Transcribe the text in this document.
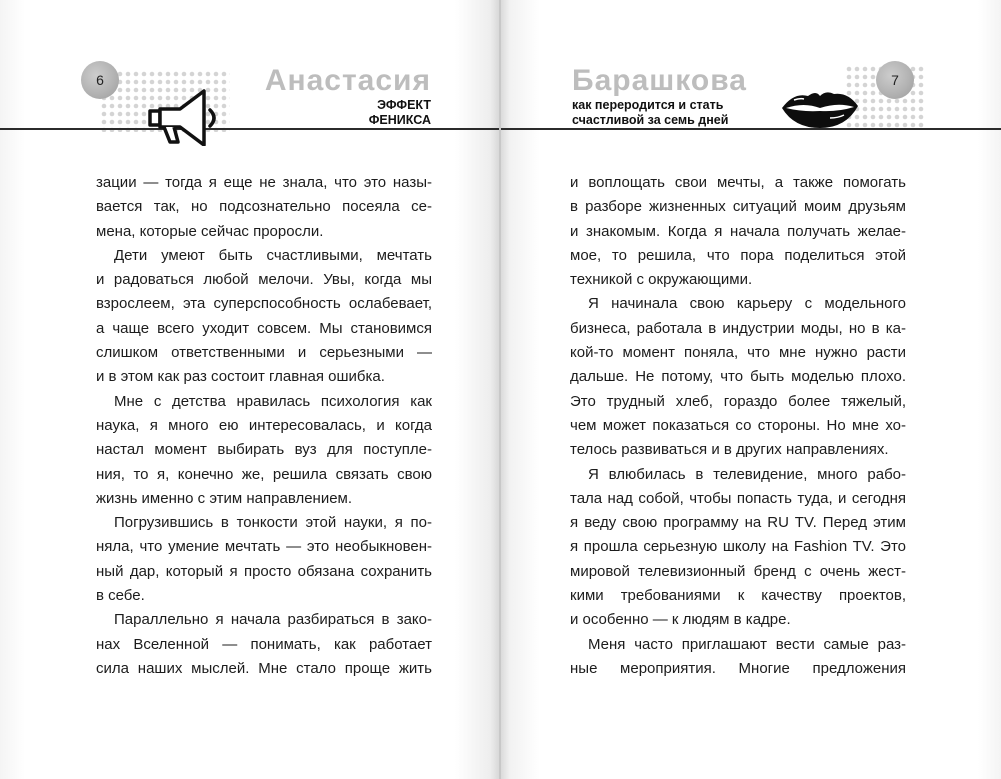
6	Анастасия
ЭФФЕКТ
ФЕНИКСА
зации — тогда я еще не знала, что это назы-
вается так, но подсознательно посеяла се-
мена, которые сейчас проросли.
Дети умеют быть счастливыми, мечтать
и радоваться любой мелочи. Увы, когда мы
взрослеем, эта суперспособность ослабевает,
а чаще всего уходит совсем. Мы становимся
слишком ответственными и серьезными —
и в этом как раз состоит главная ошибка.
Мне с детства нравилась психология как
наука, я много ею интересовалась, и когда
настал момент выбирать вуз для поступле-
ния, то я, конечно же, решила связать свою
жизнь именно с этим направлением.
Погрузившись в тонкости этой науки, я по-
няла, что умение мечтать — это необыкновен-
ный дар, который я просто обязана сохранить
в себе.
Параллельно я начала разбираться в зако-
нах Вселенной — понимать, как работает
сила наших мыслей. Мне стало проще жить
7
Барашкова
как переродится и стать
счастливой за семь дней
и воплощать свои мечты, а также помогать
в разборе жизненных ситуаций моим друзьям
и знакомым. Когда я начала получать желае-
мое, то решила, что пора поделиться этой
техникой с окружающими.
Я начинала свою карьеру с модельного
бизнеса, работала в индустрии моды, но в ка-
кой-то момент поняла, что мне нужно расти
дальше. Не потому, что быть моделью плохо.
Это трудный хлеб, гораздо более тяжелый,
чем может показаться со стороны. Но мне хо-
телось развиваться и в других направлениях.
Я влюбилась в телевидение, много рабо-
тала над собой, чтобы попасть туда, и сегодня
я веду свою программу на RU TV. Перед этим
я прошла серьезную школу на Fashion TV. Это
мировой телевизионный бренд с очень жест-
кими требованиями к качеству проектов,
и особенно — к людям в кадре.
Меня часто приглашают вести самые раз-
ные мероприятия. Многие предложения
